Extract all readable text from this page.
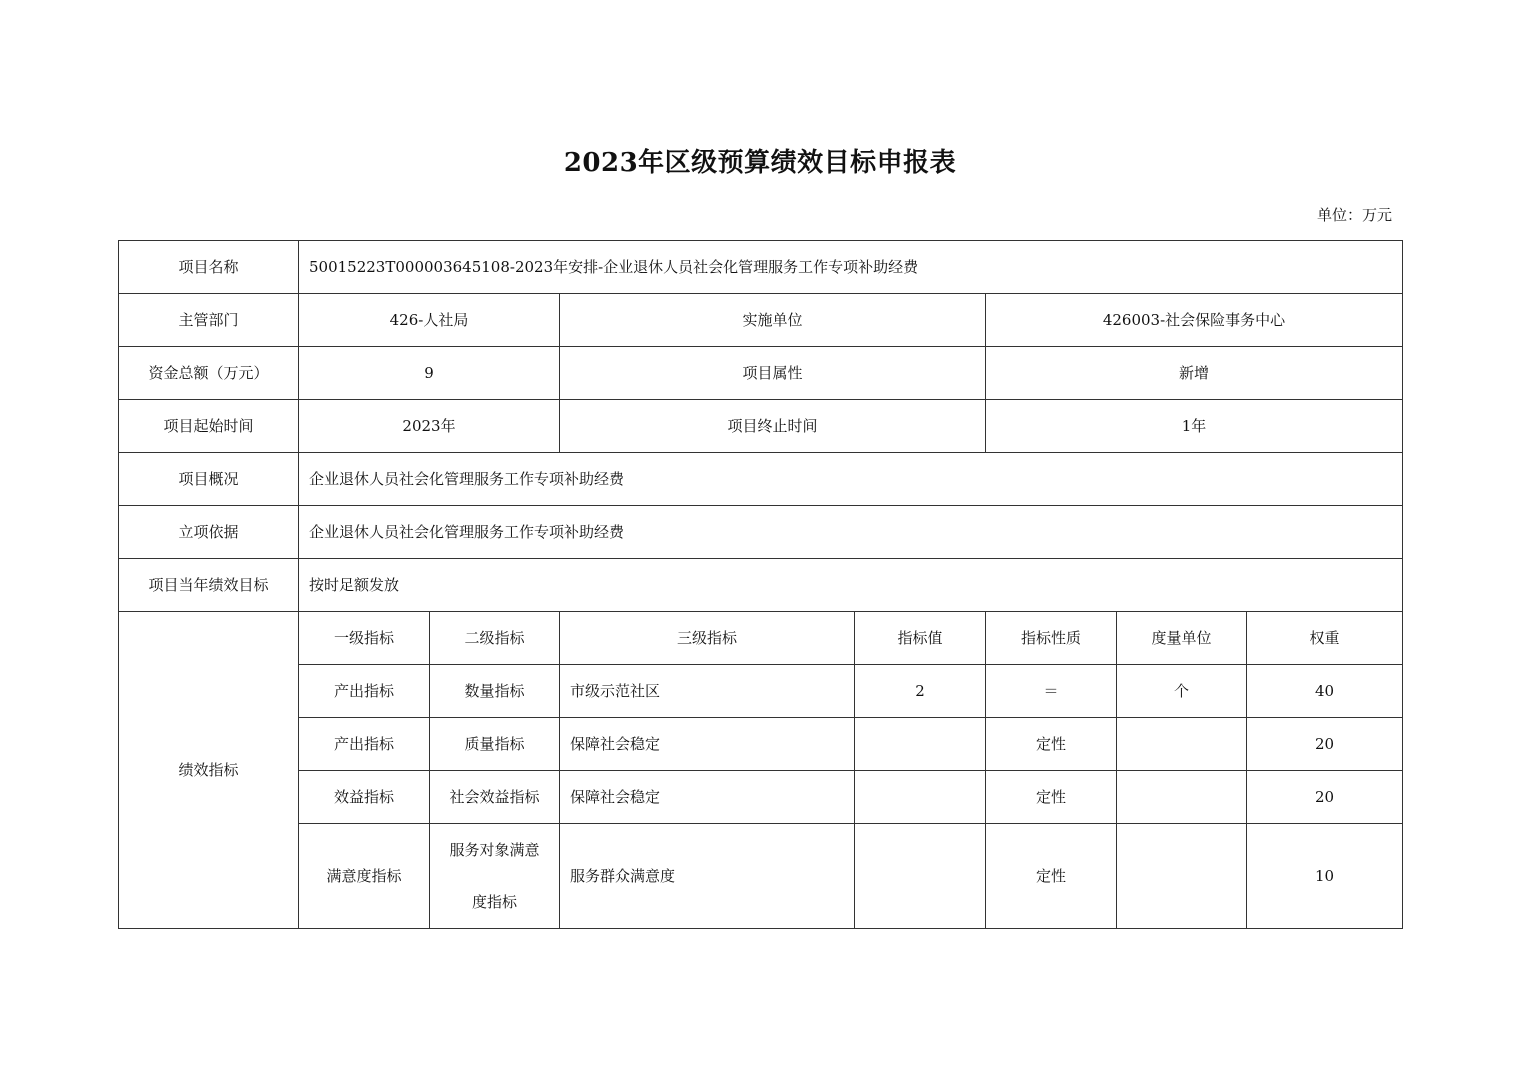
2023年区级预算绩效目标申报表
单位：万元
项目名称	50015223T000003645108-2023年安排-企业退休人员社会化管理服务工作专项补助经费						
主管部门	426-人社局		实施单位		426003-社会保险事务中心		
资金总额（万元）	9		项目属性		新增		
项目起始时间	2023年		项目终止时间		1年		
项目概况	企业退休人员社会化管理服务工作专项补助经费						
立项依据	企业退休人员社会化管理服务工作专项补助经费						
项目当年绩效目标	按时足额发放						
绩效指标	一级指标	二级指标	三级指标	指标值	指标性质	度量单位	权重
	产出指标	数量指标	市级示范社区	2	＝	个	40
	产出指标	质量指标	保障社会稳定		定性		20
	效益指标	社会效益指标	保障社会稳定		定性		20
	满意度指标	服务对象满意
度指标	服务群众满意度		定性		10
